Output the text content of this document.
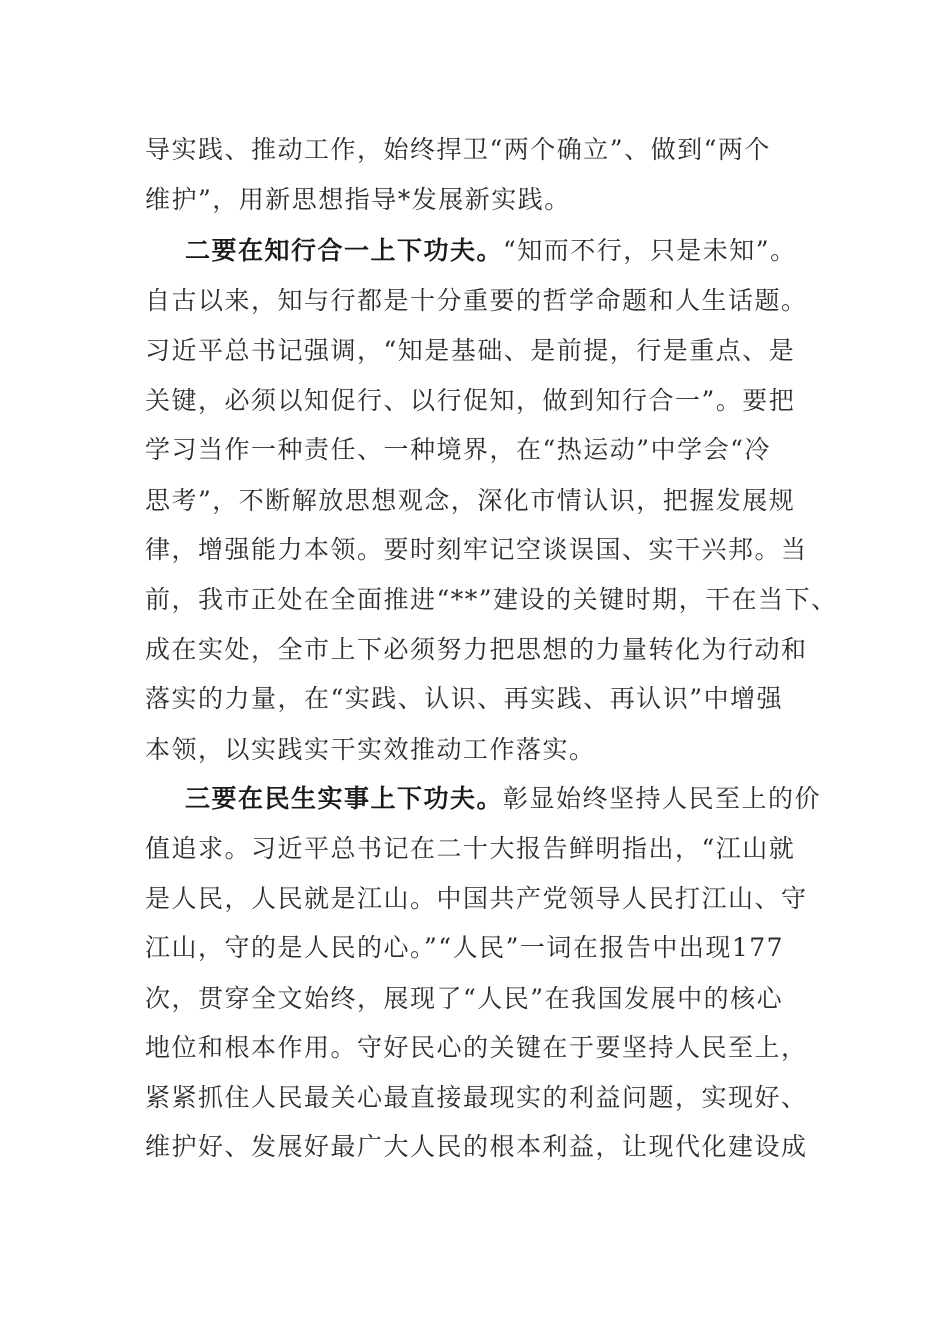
导实践、推动工作，始终捍卫“两个确立”、做到“两个
维护”，用新思想指导*发展新实践。
二要在知行合一上下功夫。“知而不行，只是未知”。
自古以来，知与行都是十分重要的哲学命题和人生话题。
习近平总书记强调，“知是基础、是前提，行是重点、是
关键，必须以知促行、以行促知，做到知行合一”。要把
学习当作一种责任、一种境界，在“热运动”中学会“冷
思考”，不断解放思想观念，深化市情认识，把握发展规
律，增强能力本领。要时刻牢记空谈误国、实干兴邦。当
前，我市正处在全面推进“**”建设的关键时期，干在当下、
成在实处，全市上下必须努力把思想的力量转化为行动和
落实的力量，在“实践、认识、再实践、再认识”中增强
本领，以实践实干实效推动工作落实。
三要在民生实事上下功夫。彰显始终坚持人民至上的价
值追求。习近平总书记在二十大报告鲜明指出，“江山就
是人民，人民就是江山。中国共产党领导人民打江山、守
江山，守的是人民的心。”“人民”一词在报告中出现177
次，贯穿全文始终，展现了“人民”在我国发展中的核心
地位和根本作用。守好民心的关键在于要坚持人民至上，
紧紧抓住人民最关心最直接最现实的利益问题，实现好、
维护好、发展好最广大人民的根本利益，让现代化建设成
